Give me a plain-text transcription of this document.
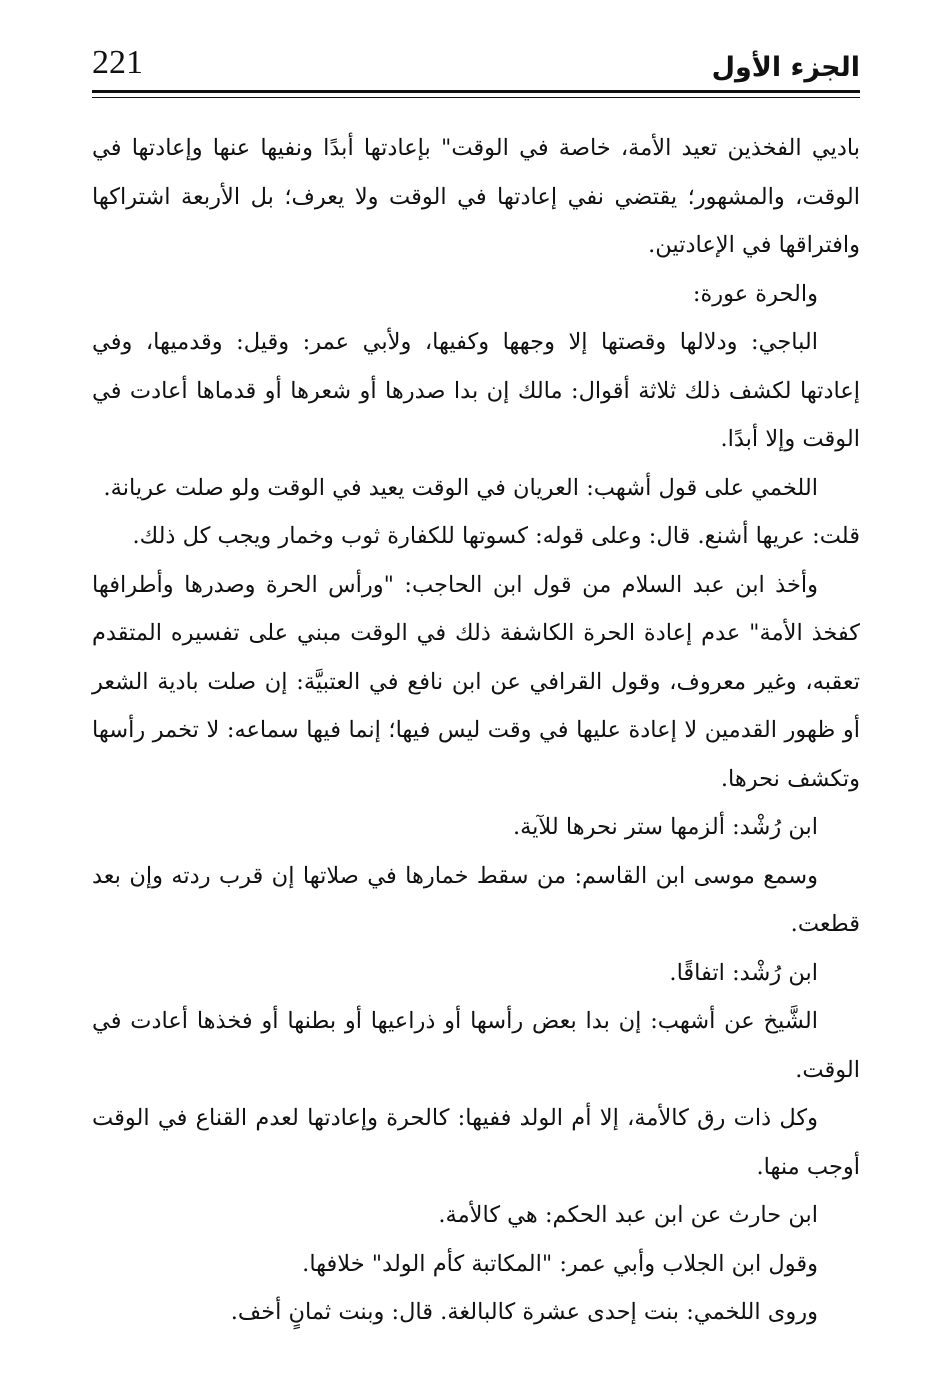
221	الجزء الأول

باديي الفخذين تعيد الأمة، خاصة في الوقت" بإعادتها أبدًا ونفيها عنها وإعادتها في الوقت، والمشهور؛ يقتضي نفي إعادتها في الوقت ولا يعرف؛ بل الأربعة اشتراكها وافتراقها في الإعادتين.

والحرة عورة:

الباجي: ودلالها وقصتها إلا وجهها وكفيها، ولأبي عمر: وقيل: وقدميها، وفي إعادتها لكشف ذلك ثلاثة أقوال: مالك إن بدا صدرها أو شعرها أو قدماها أعادت في الوقت وإلا أبدًا.

اللخمي على قول أشهب: العريان في الوقت يعيد في الوقت ولو صلت عريانة.

قلت: عريها أشنع. قال: وعلى قوله: كسوتها للكفارة ثوب وخمار ويجب كل ذلك.

وأخذ ابن عبد السلام من قول ابن الحاجب: "ورأس الحرة وصدرها وأطرافها كفخذ الأمة" عدم إعادة الحرة الكاشفة ذلك في الوقت مبني على تفسيره المتقدم تعقبه، وغير معروف، وقول القرافي عن ابن نافع في العتبيَّة: إن صلت بادية الشعر أو ظهور القدمين لا إعادة عليها في وقت ليس فيها؛ إنما فيها سماعه: لا تخمر رأسها وتكشف نحرها.

ابن رُشْد: ألزمها ستر نحرها للآية.

وسمع موسى ابن القاسم: من سقط خمارها في صلاتها إن قرب ردته وإن بعد قطعت.

ابن رُشْد: اتفاقًا.

الشَّيخ عن أشهب: إن بدا بعض رأسها أو ذراعيها أو بطنها أو فخذها أعادت في الوقت.

وكل ذات رق كالأمة، إلا أم الولد ففيها: كالحرة وإعادتها لعدم القناع في الوقت أوجب منها.

ابن حارث عن ابن عبد الحكم: هي كالأمة.

وقول ابن الجلاب وأبي عمر: "المكاتبة كأم الولد" خلافها.

وروى اللخمي: بنت إحدى عشرة كالبالغة. قال: وبنت ثمانٍ أخف.
